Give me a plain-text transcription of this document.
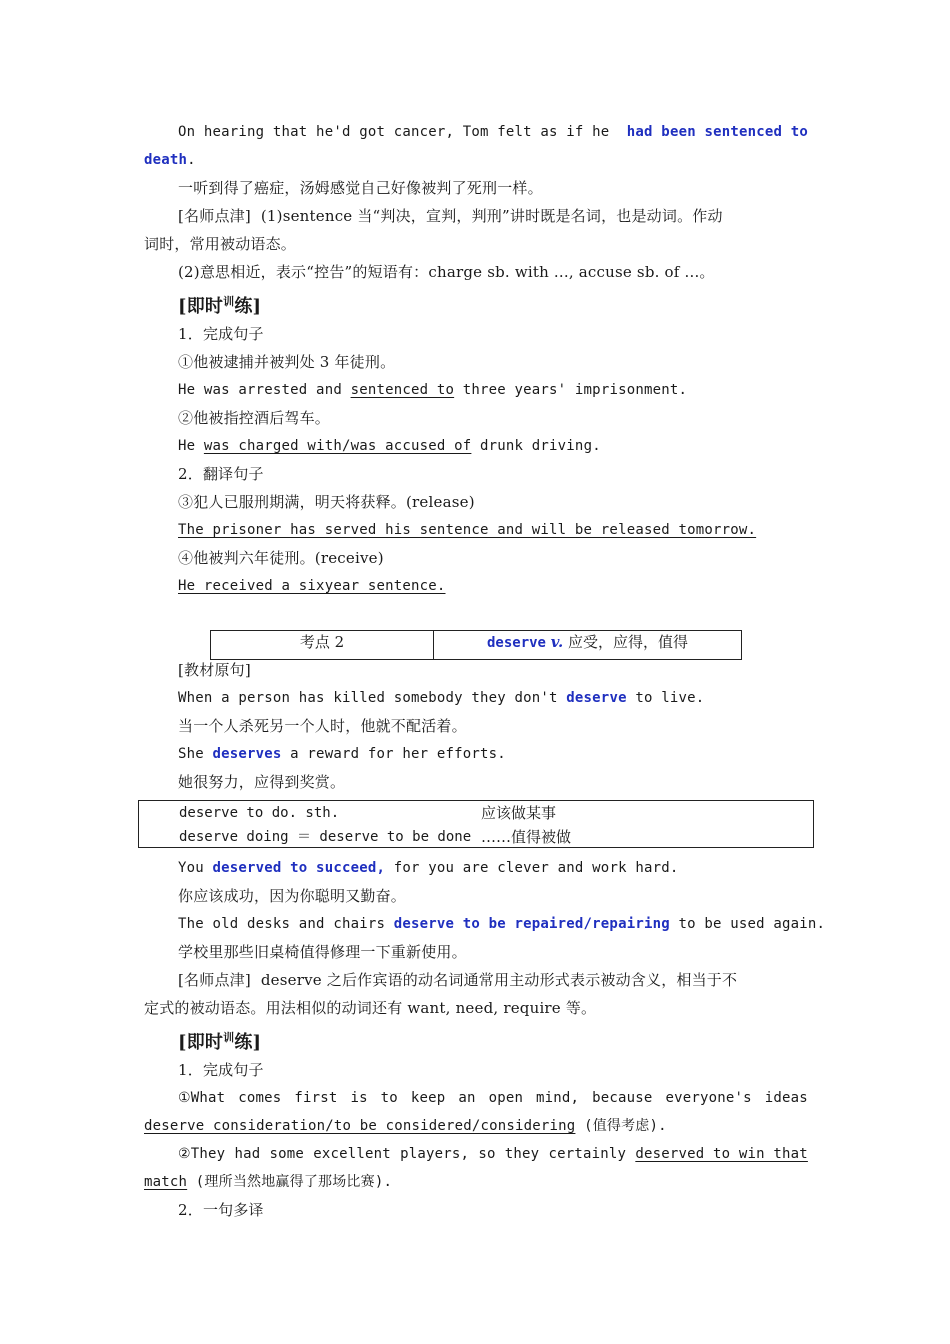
On hearing that he'd got cancer, Tom felt as if he had been sentenced to
death.
一听到得了癌症，汤姆感觉自己好像被判了死刑一样。
[名师点津] (1)sentence 当“判决，宣判，判刑”讲时既是名词，也是动词。作动
词时，常用被动语态。
(2)意思相近，表示“控告”的短语有：charge sb. with ..., accuse sb. of ...。
[即时$^训$练]
1．完成句子
①他被逮捕并被判处 3 年徒刑。
He was arrested and sentenced to three years' imprisonment.
②他被指控酒后驾车。
He was charged with/was accused of drunk driving.
2．翻译句子
③犯人已服刑期满，明天将获释。(release)
The prisoner has served his sentence and will be released tomorrow.
④他被判六年徒刑。(receive)
He received a sixyear sentence.
考点 2	deserve v. 应受，应得，值得
[教材原句]
When a person has killed somebody they don't deserve to live.
当一个人杀死另一个人时，他就不配活着。
She deserves a reward for her efforts.
她很努力，应得到奖赏。
deserve to do. sth.	应该做某事
deserve doing ＝ deserve to be done ……值得被做
You deserved to succeed, for you are clever and work hard.
你应该成功，因为你聪明又勤奋。
The old desks and chairs deserve to be repaired/repairing to be used again.
学校里那些旧桌椅值得修理一下重新使用。
[名师点津] deserve 之后作宾语的动名词通常用主动形式表示被动含义，相当于不
定式的被动语态。用法相似的动词还有 want, need, require 等。
[即时$^训$练]
1．完成句子
①What comes first is to keep an open mind, because everyone's ideas
deserve consideration/to be considered/considering (值得考虑).
②They had some excellent players, so they certainly deserved to win that
match (理所当然地赢得了那场比赛).
2．一句多译
